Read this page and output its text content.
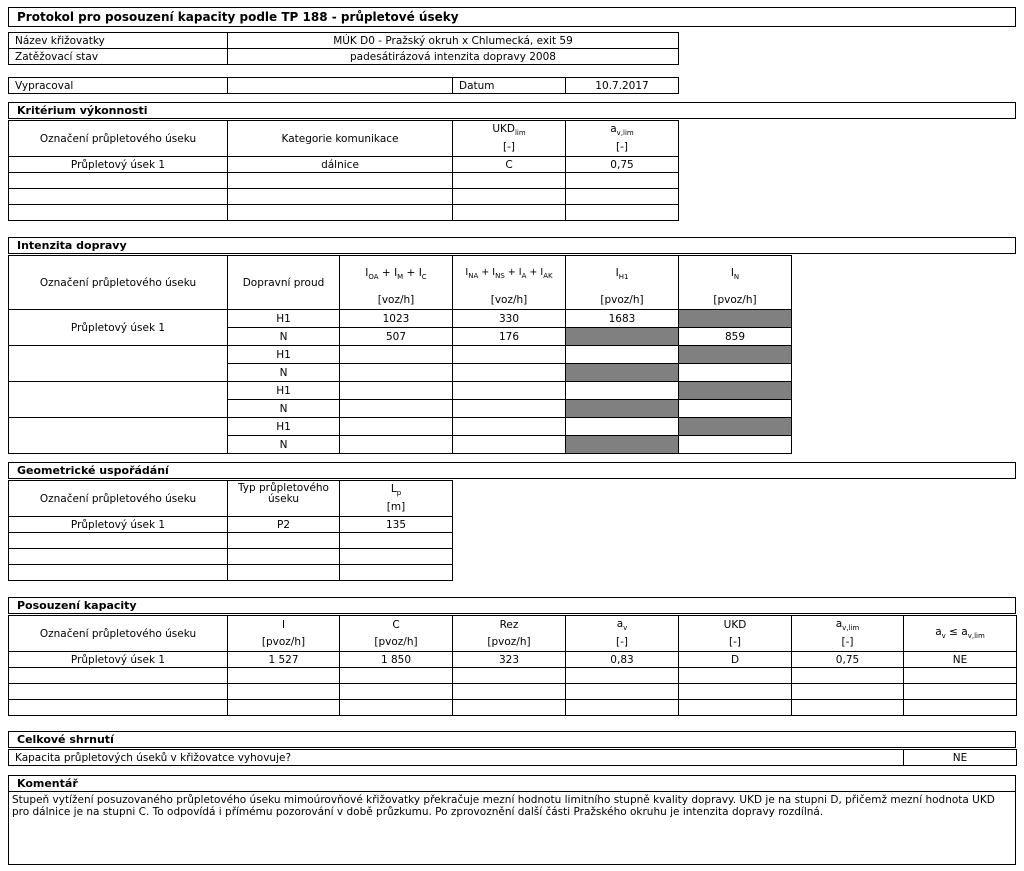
Protokol pro posouzení kapacity podle TP 188 - průpletové úseky
Název křižovatky	MÚK D0 - Pražský okruh x Chlumecká, exit 59
Zatěžovací stav	padesátirázová intenzita dopravy 2008
Vypracoval		Datum	10.7.2017
Kritérium výkonnosti
Označení průpletového úseku	Kategorie komunikace	$UKD_{lim}$	$a_{v,lim}$
		[-]	[-]
Průpletový úsek 1	dálnice	C	0,75

Intenzita dopravy
Označení průpletového úseku	Dopravní proud	$I_{OA} + I_M + I_C$	$I_{NA} + I_{NS} + I_A + I_{AK}$	$I_{H1}$	$I_N$
		[voz/h]	[voz/h]	[pvoz/h]	[pvoz/h]
Průpletový úsek 1	H1	1023	330	1683	
	N	507	176		859
	H1				
	N				
	H1				
	N				
	H1				
	N				
Geometrické uspořádání
Označení průpletového úseku	Typ průpletového úseku	$L_p$
		[m]
Průpletový úsek 1	P2	135

Posouzení kapacity
Označení průpletového úseku	I	C	Rez	$a_v$	UKD	$a_{v,lim}$	$a_v \le a_{v,lim}$
	[pvoz/h]	[pvoz/h]	[pvoz/h]	[-]	[-]	[-]	
Průpletový úsek 1	1 527	1 850	323	0,83	D	0,75	NE

Celkové shrnutí
Kapacita průpletových úseků v křižovatce vyhovuje?	NE
Komentář
Stupeň vytížení posuzovaného průpletového úseku mimoúrovňové křižovatky překračuje mezní hodnotu limitního stupně kvality dopravy. UKD je na stupni D, přičemž mezní hodnota UKD pro dálnice je na stupni C. To odpovídá i přímému pozorování v době průzkumu. Po zprovoznění další části Pražského okruhu je intenzita dopravy rozdílná.
